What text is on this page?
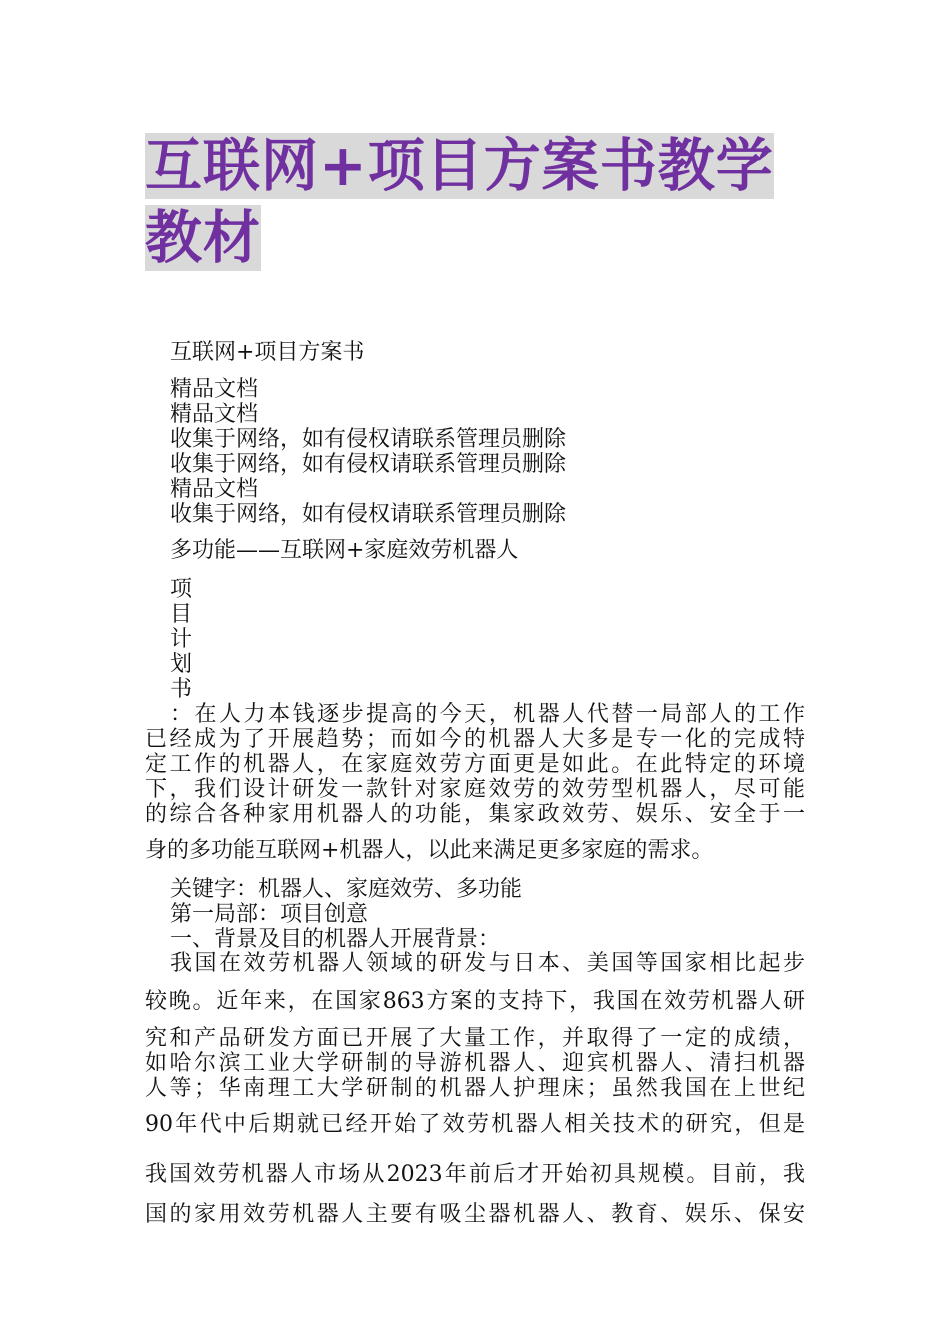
互联网+项目方案书教学教材

互联网+项目方案书

精品文档

精品文档

收集于网络，如有侵权请联系管理员删除

收集于网络，如有侵权请联系管理员删除

精品文档

收集于网络，如有侵权请联系管理员删除

多功能——互联网+家庭效劳机器人

项
目
计
划
书

：在人力本钱逐步提高的今天，机器人代替一局部人的工作

已经成为了开展趋势；而如今的机器人大多是专一化的完成特

定工作的机器人，在家庭效劳方面更是如此。在此特定的环境

下，我们设计研发一款针对家庭效劳的效劳型机器人，尽可能

的综合各种家用机器人的功能，集家政效劳、娱乐、安全于一

身的多功能互联网+机器人，以此来满足更多家庭的需求。

关键字：机器人、家庭效劳、多功能

第一局部：项目创意

一、背景及目的机器人开展背景：

我国在效劳机器人领域的研发与日本、美国等国家相比起步

较晚。近年来，在国家863方案的支持下，我国在效劳机器人研

究和产品研发方面已开展了大量工作，并取得了一定的成绩，

如哈尔滨工业大学研制的导游机器人、迎宾机器人、清扫机器

人等；华南理工大学研制的机器人护理床；虽然我国在上世纪

90年代中后期就已经开始了效劳机器人相关技术的研究，但是

我国效劳机器人市场从2023年前后才开始初具规模。目前，我

国的家用效劳机器人主要有吸尘器机器人、教育、娱乐、保安
